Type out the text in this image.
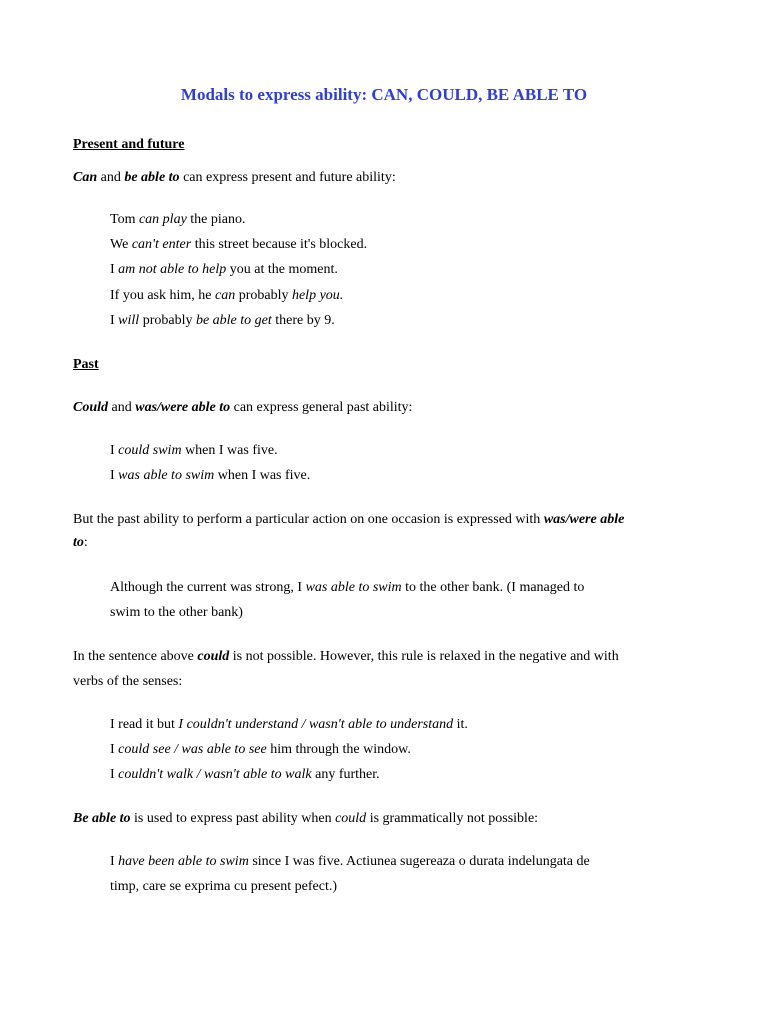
Modals to express ability: CAN, COULD, BE ABLE TO
Present and future
Can and be able to can express present and future ability:
Tom can play the piano.
We can't enter this street because it's blocked.
I am not able to help you at the moment.
If you ask him, he can probably help you.
I will probably be able to get there by 9.
Past
Could and was/were able to can express general past ability:
I could swim when I was five.
I was able to swim when I was five.
But the past ability to perform a particular action on one occasion is expressed with was/were able
to:
Although the current was strong, I was able to swim to the other bank. (I managed to
swim to the other bank)
In the sentence above could is not possible. However, this rule is relaxed in the negative and with
verbs of the senses:
I read it but I couldn't understand / wasn't able to understand it.
I could see / was able to see him through the window.
I couldn't walk / wasn't able to walk any further.
Be able to is used to express past ability when could is grammatically not possible:
I have been able to swim since I was five. Actiunea sugereaza o durata indelungata de
timp, care se exprima cu present pefect.)
